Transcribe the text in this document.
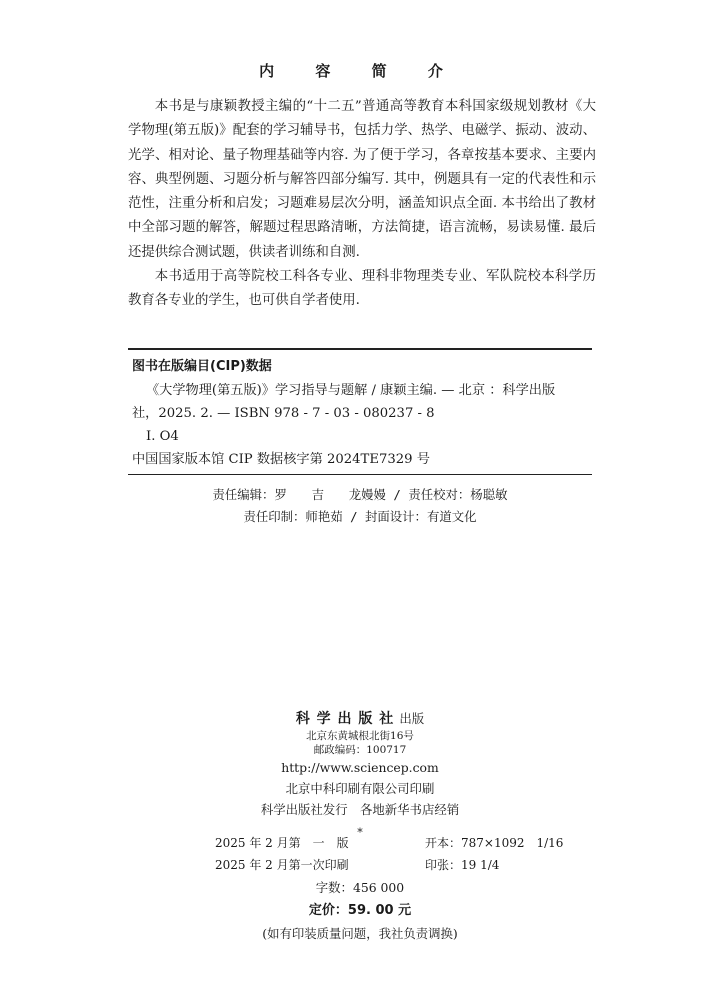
内 容 简 介

本书是与康颖教授主编的“十二五”普通高等教育本科国家级规划教材《大学物理(第五版)》配套的学习辅导书，包括力学、热学、电磁学、振动、波动、光学、相对论、量子物理基础等内容. 为了便于学习，各章按基本要求、主要内容、典型例题、习题分析与解答四部分编写. 其中，例题具有一定的代表性和示范性，注重分析和启发；习题难易层次分明，涵盖知识点全面. 本书给出了教材中全部习题的解答，解题过程思路清晰，方法简捷，语言流畅，易读易懂. 最后还提供综合测试题，供读者训练和自测.

本书适用于高等院校工科各专业、理科非物理类专业、军队院校本科学历教育各专业的学生，也可供自学者使用.

图书在版编目(CIP)数据
《大学物理(第五版)》学习指导与题解 / 康颖主编. — 北京 ：科学出版
社，2025. 2. — ISBN 978 - 7 - 03 - 080237 - 8
Ⅰ. O4
中国国家版本馆 CIP 数据核字第 2024TE7329 号
责任编辑：罗　　吉　　龙嫚嫚 / 责任校对：杨聪敏
责任印制：师艳茹 / 封面设计：有道文化
科 学 出 版 社 出版
北京东黄城根北街16号
邮政编码：100717
http://www.sciencep.com
北京中科印刷有限公司印刷
科学出版社发行　各地新华书店经销
*
2025 年 2 月第　一　版	开本：787×1092　1/16
2025 年 2 月第一次印刷	印张：19 1/4
字数：456 000
定价：59. 00 元
(如有印装质量问题，我社负责调换)
